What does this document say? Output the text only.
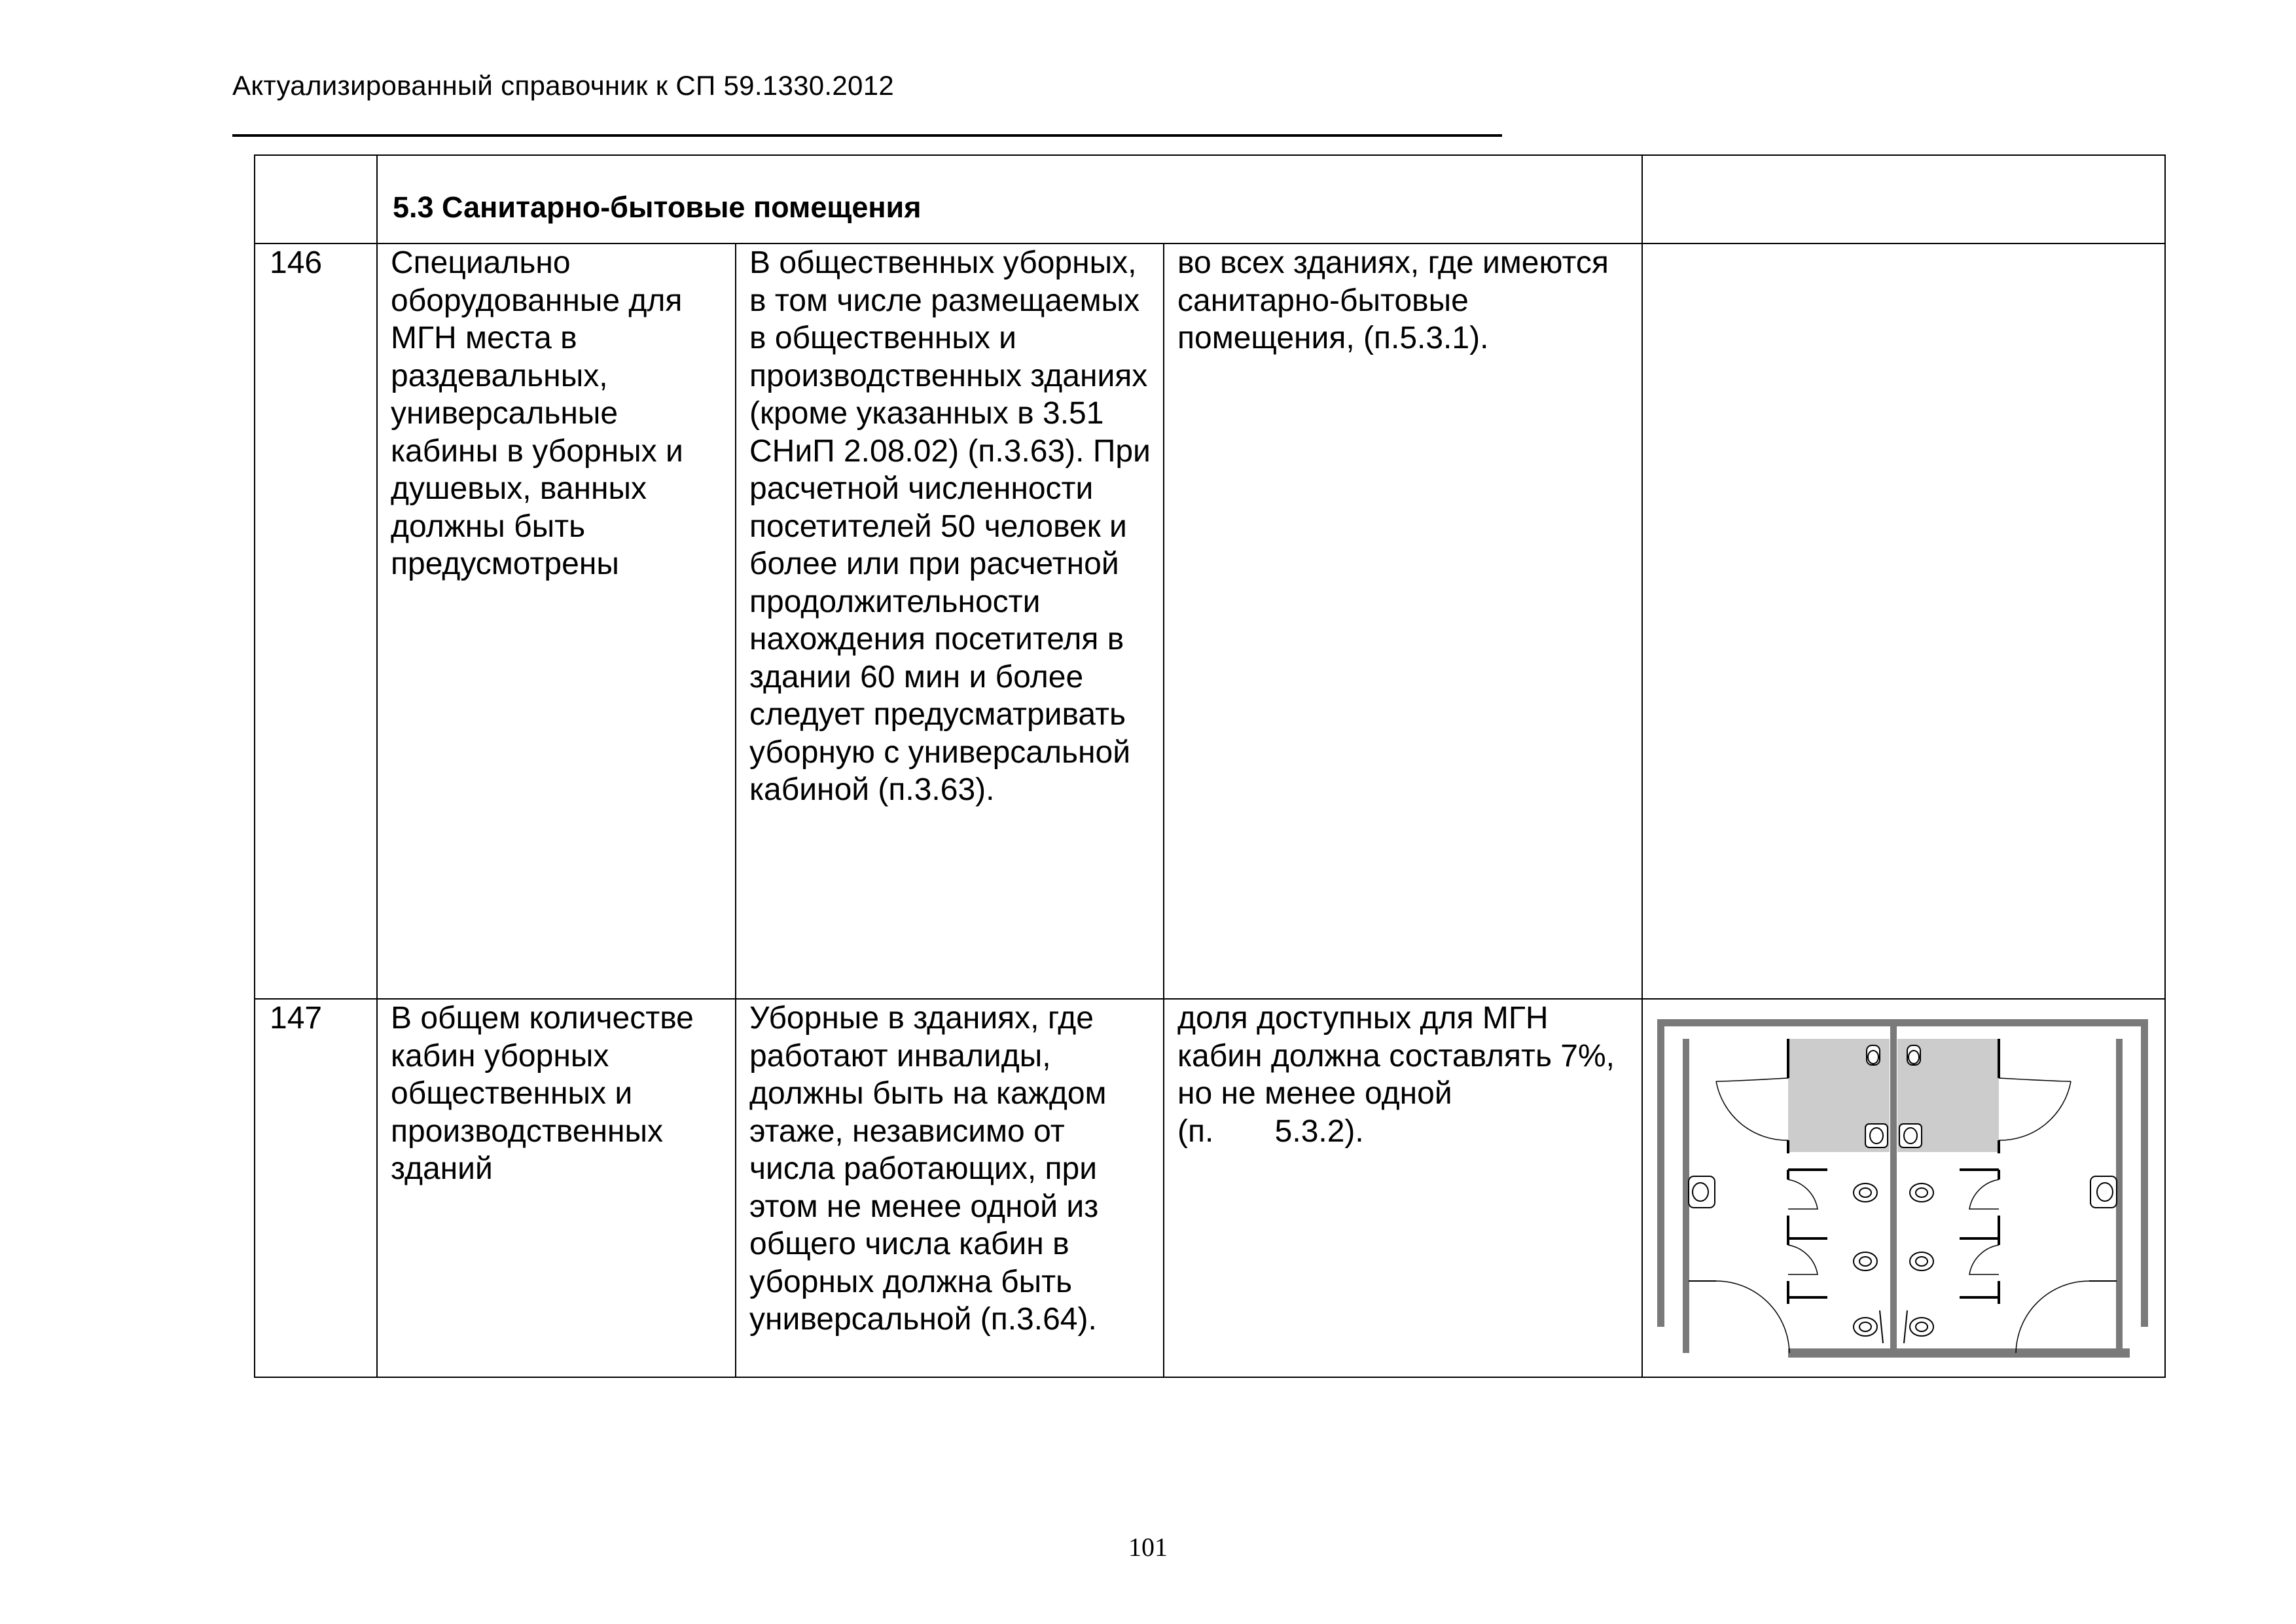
Актуализированный справочник к СП 59.1330.2012

	5.3 Санитарно-бытовые помещения			

146	Специально оборудованные для МГН места в раздевальных, универсальные кабины в уборных и душевых, ванных должны быть предусмотрены	В общественных уборных, в том числе размещаемых в общественных и производственных зданиях (кроме указанных в 3.51 СНиП 2.08.02) (п.3.63). При расчетной численности посетителей 50 человек и более или при расчетной продолжительности нахождения посетителя в здании 60 мин и более следует предусматривать уборную с универсальной кабиной (п.3.63).	во всех зданиях, где имеются санитарно-бытовые помещения, (п.5.3.1).	
147	В общем количестве кабин уборных общественных и производственных зданий	Уборные в зданиях, где работают инвалиды, должны быть на каждом этаже, независимо от числа работающих, при этом не менее одной из общего числа кабин в уборных должна быть универсальной (п.3.64).	доля доступных для МГН кабин должна составлять 7%, но не менее одной
(п.       5.3.2).	
101
